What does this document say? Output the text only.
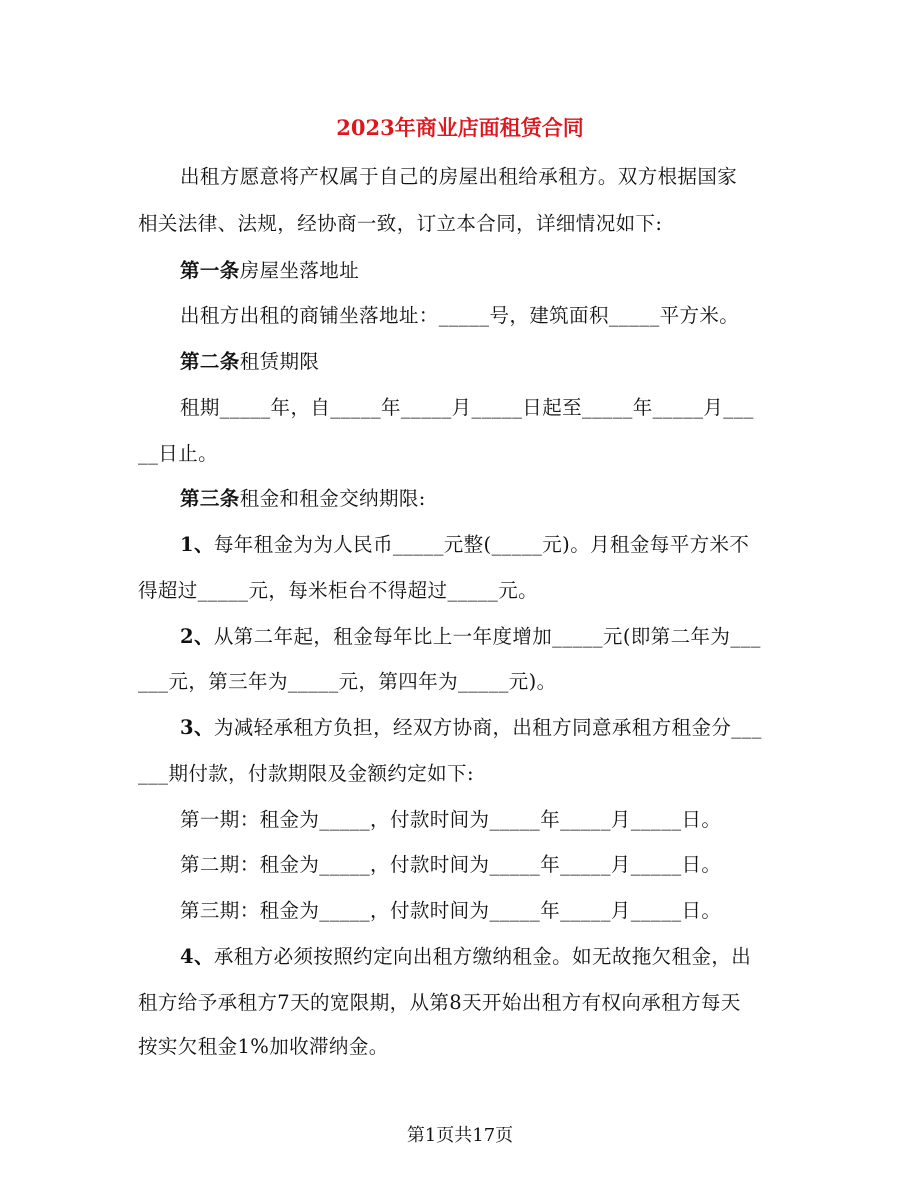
2023年商业店面租赁合同
出租方愿意将产权属于自己的房屋出租给承租方。双方根据国家
相关法律、法规，经协商一致，订立本合同，详细情况如下:
第一条房屋坐落地址
出租方出租的商铺坐落地址：_____号，建筑面积_____平方米。
第二条租赁期限
租期_____年，自_____年_____月_____日起至_____年_____月___
__日止。
第三条租金和租金交纳期限:
1、每年租金为为人民币_____元整(_____元)。月租金每平方米不
得超过_____元，每米柜台不得超过_____元。
2、从第二年起，租金每年比上一年度增加_____元(即第二年为___
___元，第三年为_____元，第四年为_____元)。
3、为减轻承租方负担，经双方协商，出租方同意承租方租金分___
___期付款，付款期限及金额约定如下:
第一期：租金为_____，付款时间为_____年_____月_____日。
第二期：租金为_____，付款时间为_____年_____月_____日。
第三期：租金为_____，付款时间为_____年_____月_____日。
4、承租方必须按照约定向出租方缴纳租金。如无故拖欠租金，出
租方给予承租方7天的宽限期，从第8天开始出租方有权向承租方每天
按实欠租金1%加收滞纳金。
第1页共17页
